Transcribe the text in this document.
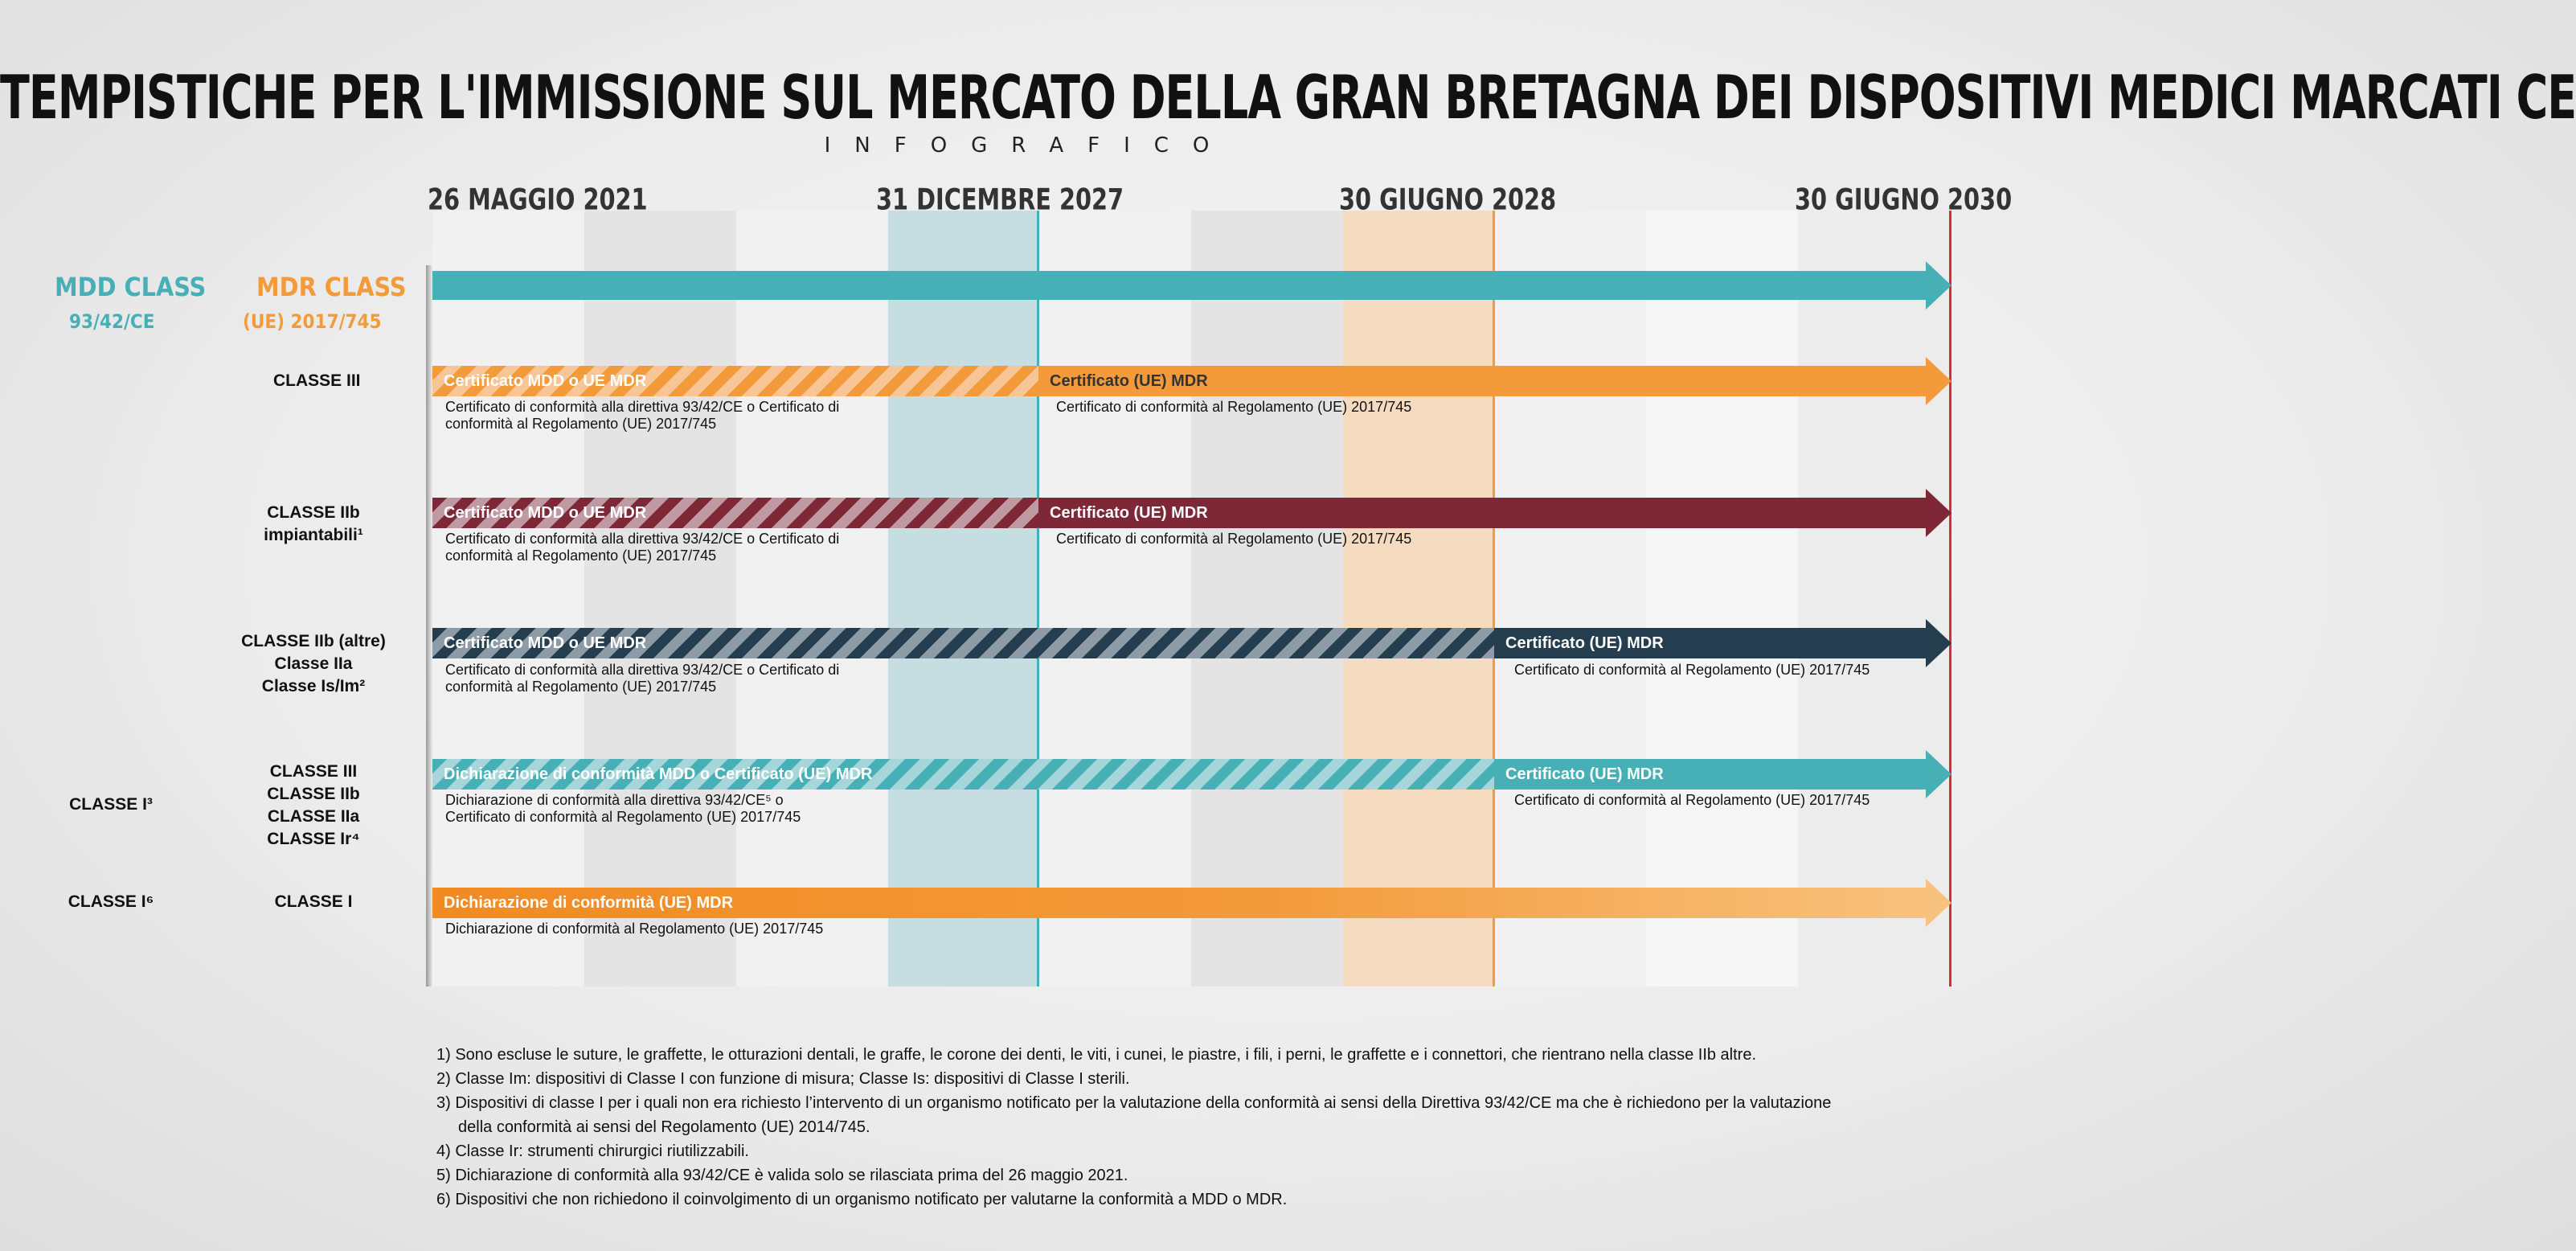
TEMPISTICHE PER L'IMMISSIONE SUL MERCATO DELLA GRAN BRETAGNA DEI DISPOSITIVI MEDICI MARCATI CE
INFOGRAFICO
26 MAGGIO 2021	31 DICEMBRE 2027	30 GIUGNO 2028	30 GIUGNO 2030
MDD CLASS
93/42/CE
MDR CLASS
(UE) 2017/745
CLASSE III	Certificato MDD o UE MDR	Certificato (UE) MDR
Certificato di conformità alla direttiva 93/42/CE o Certificato di
conformità al Regolamento (UE) 2017/745
Certificato di conformità al Regolamento (UE) 2017/745
CLASSE IIb
impiantabili¹
Certificato MDD o UE MDR	Certificato (UE) MDR
Certificato di conformità alla direttiva 93/42/CE o Certificato di
conformità al Regolamento (UE) 2017/745
Certificato di conformità al Regolamento (UE) 2017/745
CLASSE IIb (altre)
Classe IIa
Classe Is/Im²
Certificato MDD o UE MDR	Certificato (UE) MDR
Certificato di conformità alla direttiva 93/42/CE o Certificato di
conformità al Regolamento (UE) 2017/745
Certificato di conformità al Regolamento (UE) 2017/745
CLASSE I³
CLASSE III
CLASSE IIb
CLASSE IIa
CLASSE Ir⁴
Dichiarazione di conformità MDD o Certificato (UE) MDR	Certificato (UE) MDR
Dichiarazione di conformità alla direttiva 93/42/CE⁵ o
Certificato di conformità al Regolamento (UE) 2017/745
Certificato di conformità al Regolamento (UE) 2017/745
CLASSE I⁶	CLASSE I	Dichiarazione di conformità (UE) MDR
Dichiarazione di conformità al Regolamento (UE) 2017/745
1) Sono escluse le suture, le graffette, le otturazioni dentali, le graffe, le corone dei denti, le viti, i cunei, le piastre, i fili, i perni, le graffette e i connettori, che rientrano nella classe IIb altre.
2) Classe Im: dispositivi di Classe I con funzione di misura; Classe Is: dispositivi di Classe I sterili.
3) Dispositivi di classe I per i quali non era richiesto l’intervento di un organismo notificato per la valutazione della conformità ai sensi della Direttiva 93/42/CE ma che è richiedono per la valutazione
della conformità ai sensi del Regolamento (UE) 2014/745.
4) Classe Ir: strumenti chirurgici riutilizzabili.
5) Dichiarazione di conformità alla 93/42/CE è valida solo se rilasciata prima del 26 maggio 2021.
6) Dispositivi che non richiedono il coinvolgimento di un organismo notificato per valutarne la conformità a MDD o MDR.
